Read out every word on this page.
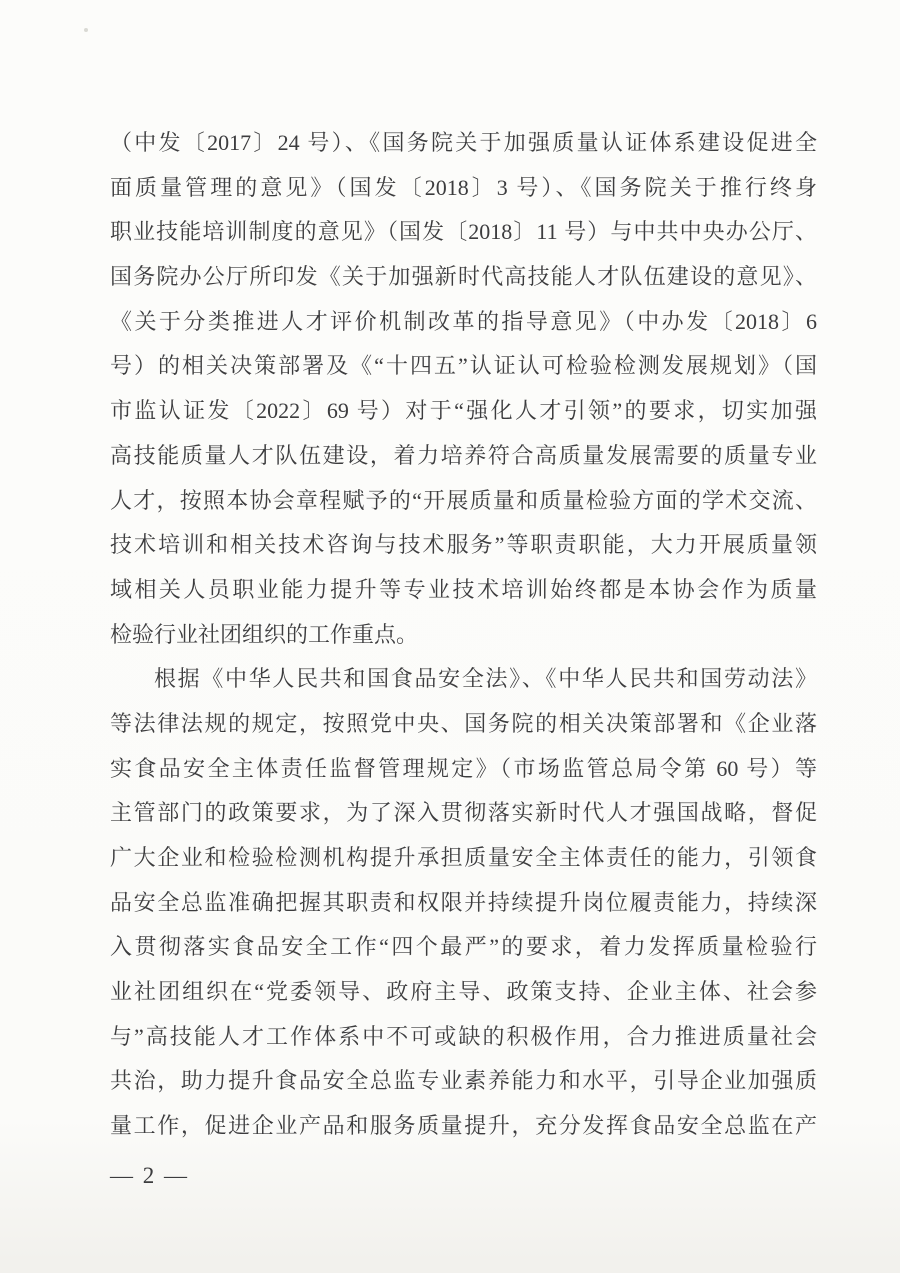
（中发〔2017〕24 号）、《国务院关于加强质量认证体系建设促进全
面质量管理的意见》（国发〔2018〕3 号）、《国务院关于推行终身
职业技能培训制度的意见》（国发〔2018〕11 号）与中共中央办公厅、
国务院办公厅所印发《关于加强新时代高技能人才队伍建设的意见》、
《关于分类推进人才评价机制改革的指导意见》（中办发〔2018〕6
号）的相关决策部署及《“十四五”认证认可检验检测发展规划》（国
市监认证发〔2022〕69 号）对于“强化人才引领”的要求，切实加强
高技能质量人才队伍建设，着力培养符合高质量发展需要的质量专业
人才，按照本协会章程赋予的“开展质量和质量检验方面的学术交流、
技术培训和相关技术咨询与技术服务”等职责职能，大力开展质量领
域相关人员职业能力提升等专业技术培训始终都是本协会作为质量
检验行业社团组织的工作重点。
根据《中华人民共和国食品安全法》、《中华人民共和国劳动法》
等法律法规的规定，按照党中央、国务院的相关决策部署和《企业落
实食品安全主体责任监督管理规定》（市场监管总局令第 60 号）等
主管部门的政策要求，为了深入贯彻落实新时代人才强国战略，督促
广大企业和检验检测机构提升承担质量安全主体责任的能力，引领食
品安全总监准确把握其职责和权限并持续提升岗位履责能力，持续深
入贯彻落实食品安全工作“四个最严”的要求，着力发挥质量检验行
业社团组织在“党委领导、政府主导、政策支持、企业主体、社会参
与”高技能人才工作体系中不可或缺的积极作用，合力推进质量社会
共治，助力提升食品安全总监专业素养能力和水平，引导企业加强质
量工作，促进企业产品和服务质量提升，充分发挥食品安全总监在产
— 2 —
